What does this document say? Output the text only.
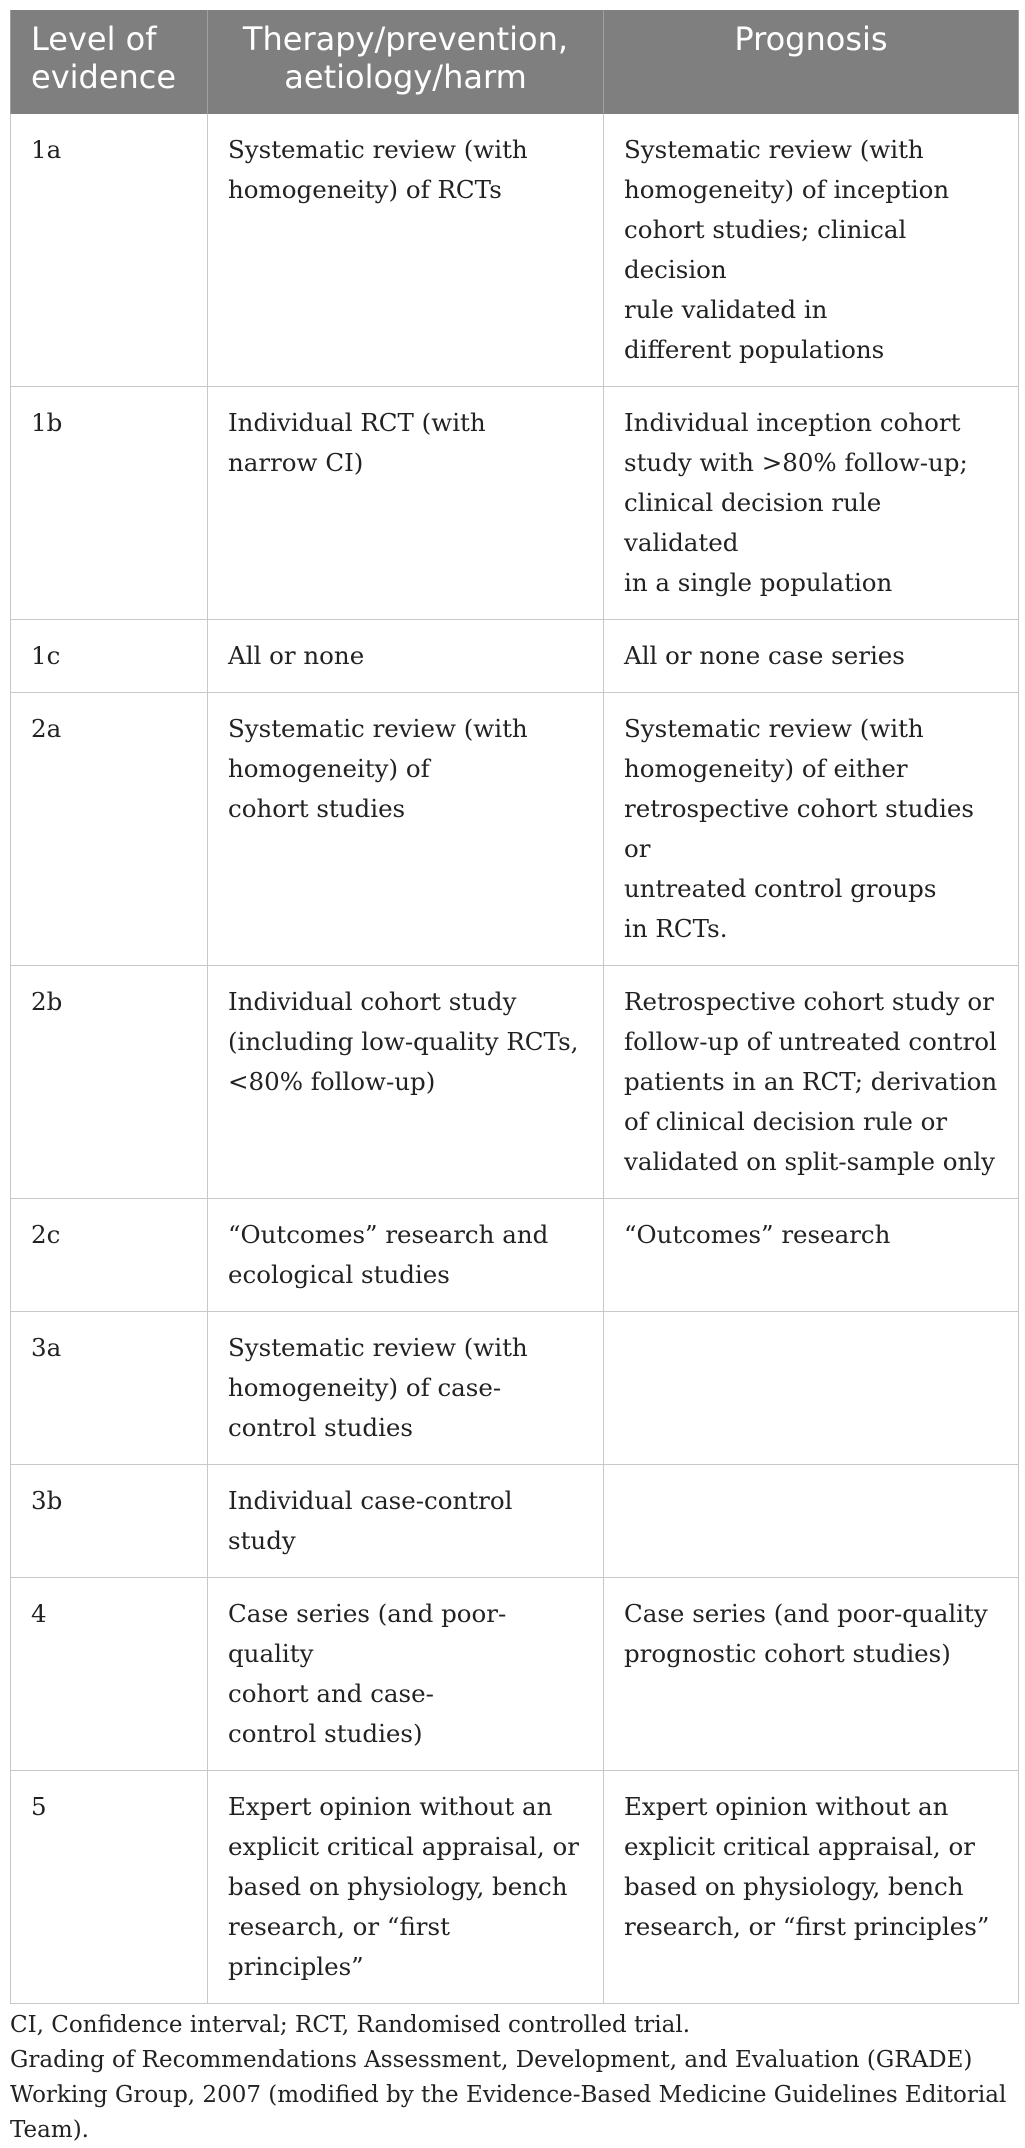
Level of
evidence	Therapy/prevention,
aetiology/harm	Prognosis
1a	Systematic review (with
homogeneity) of RCTs	Systematic review (with
homogeneity) of inception
cohort studies; clinical decision
rule validated in
different populations
1b	Individual RCT (with
narrow CI)	Individual inception cohort
study with >80% follow-up;
clinical decision rule validated
in a single population
1c	All or none	All or none case series
2a	Systematic review (with
homogeneity) of
cohort studies	Systematic review (with
homogeneity) of either
retrospective cohort studies or
untreated control groups
in RCTs.
2b	Individual cohort study
(including low-quality RCTs,
<80% follow-up)	Retrospective cohort study or
follow-up of untreated control
patients in an RCT; derivation
of clinical decision rule or
validated on split-sample only
2c	“Outcomes” research and
ecological studies	“Outcomes” research
3a	Systematic review (with
homogeneity) of case-
control studies	
3b	Individual case-control study	
4	Case series (and poor-quality
cohort and case-
control studies)	Case series (and poor-quality
prognostic cohort studies)
5	Expert opinion without an
explicit critical appraisal, or
based on physiology, bench
research, or “first principles”	Expert opinion without an
explicit critical appraisal, or
based on physiology, bench
research, or “first principles”
CI, Confidence interval; RCT, Randomised controlled trial.
Grading of Recommendations Assessment, Development, and Evaluation (GRADE) Working Group, 2007 (modified by the Evidence-Based Medicine Guidelines Editorial Team).
